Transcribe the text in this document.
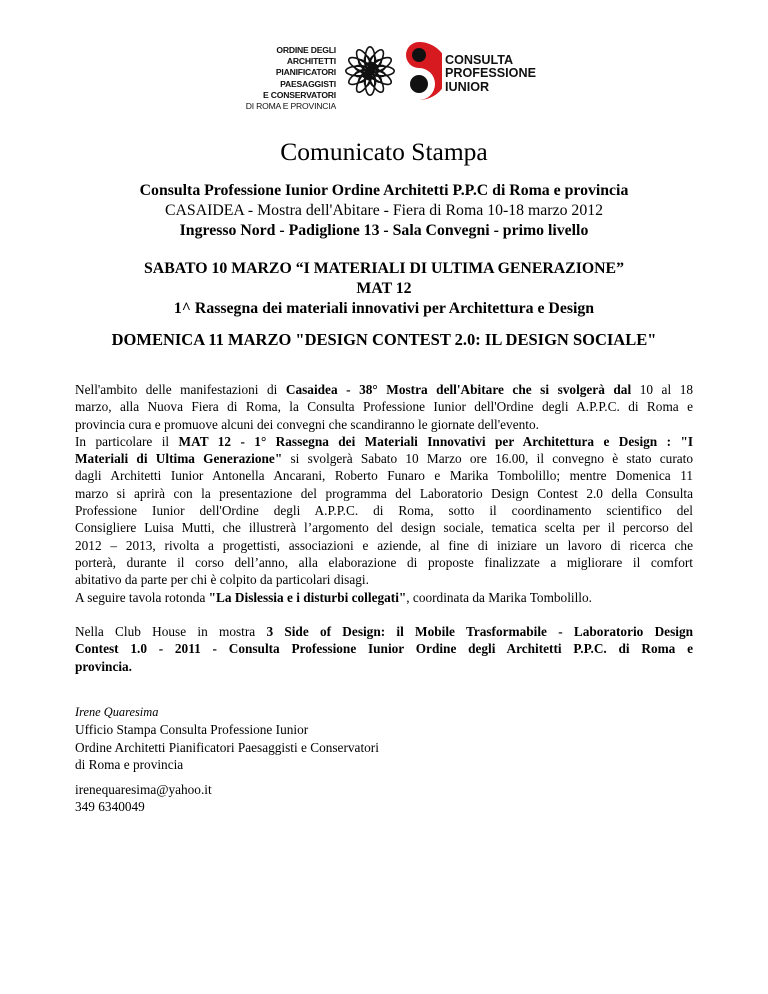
ORDINE DEGLI
ARCHITETTI
PIANIFICATORI
PAESAGGISTI
E CONSERVATORI
DI ROMA E PROVINCIA
CONSULTA
PROFESSIONE
IUNIOR
Comunicato Stampa
Consulta Professione Iunior Ordine Architetti P.P.C di Roma e provincia
CASAIDEA - Mostra dell'Abitare - Fiera di Roma 10-18 marzo 2012
Ingresso Nord - Padiglione 13 - Sala Convegni - primo livello
SABATO 10 MARZO “I MATERIALI DI ULTIMA GENERAZIONE”
MAT 12
1^ Rassegna dei materiali innovativi per Architettura e Design
DOMENICA 11 MARZO "DESIGN CONTEST 2.0: IL DESIGN SOCIALE"
Nell'ambito delle manifestazioni di Casaidea - 38° Mostra dell'Abitare che si svolgerà dal 10 al 18
marzo, alla Nuova Fiera di Roma, la Consulta Professione Iunior dell'Ordine degli A.P.P.C. di Roma e
provincia cura e promuove alcuni dei convegni che scandiranno le giornate dell'evento.
In particolare il MAT 12 - 1° Rassegna dei Materiali Innovativi per Architettura e Design : "I
Materiali di Ultima Generazione" si svolgerà Sabato 10 Marzo ore 16.00, il convegno è stato curato
dagli Architetti Iunior Antonella Ancarani, Roberto Funaro e Marika Tombolillo; mentre Domenica 11
marzo si aprirà con la presentazione del programma del Laboratorio Design Contest 2.0 della Consulta
Professione Iunior dell'Ordine degli A.P.P.C. di Roma, sotto il coordinamento scientifico del
Consigliere Luisa Mutti, che illustrerà l’argomento del design sociale, tematica scelta per il percorso del
2012 – 2013, rivolta a progettisti, associazioni e aziende, al fine di iniziare un lavoro di ricerca che
porterà, durante il corso dell’anno, alla elaborazione di proposte finalizzate a migliorare il comfort
abitativo da parte per chi è colpito da particolari disagi.
A seguire tavola rotonda "La Dislessia e i disturbi collegati", coordinata da Marika Tombolillo.
Nella Club House in mostra 3 Side of Design: il Mobile Trasformabile - Laboratorio Design
Contest 1.0 - 2011 - Consulta Professione Iunior Ordine degli Architetti P.P.C. di Roma e
provincia.
Irene Quaresima
Ufficio Stampa Consulta Professione Iunior
Ordine Architetti Pianificatori Paesaggisti e Conservatori
di Roma e provincia
irenequaresima@yahoo.it
349 6340049
